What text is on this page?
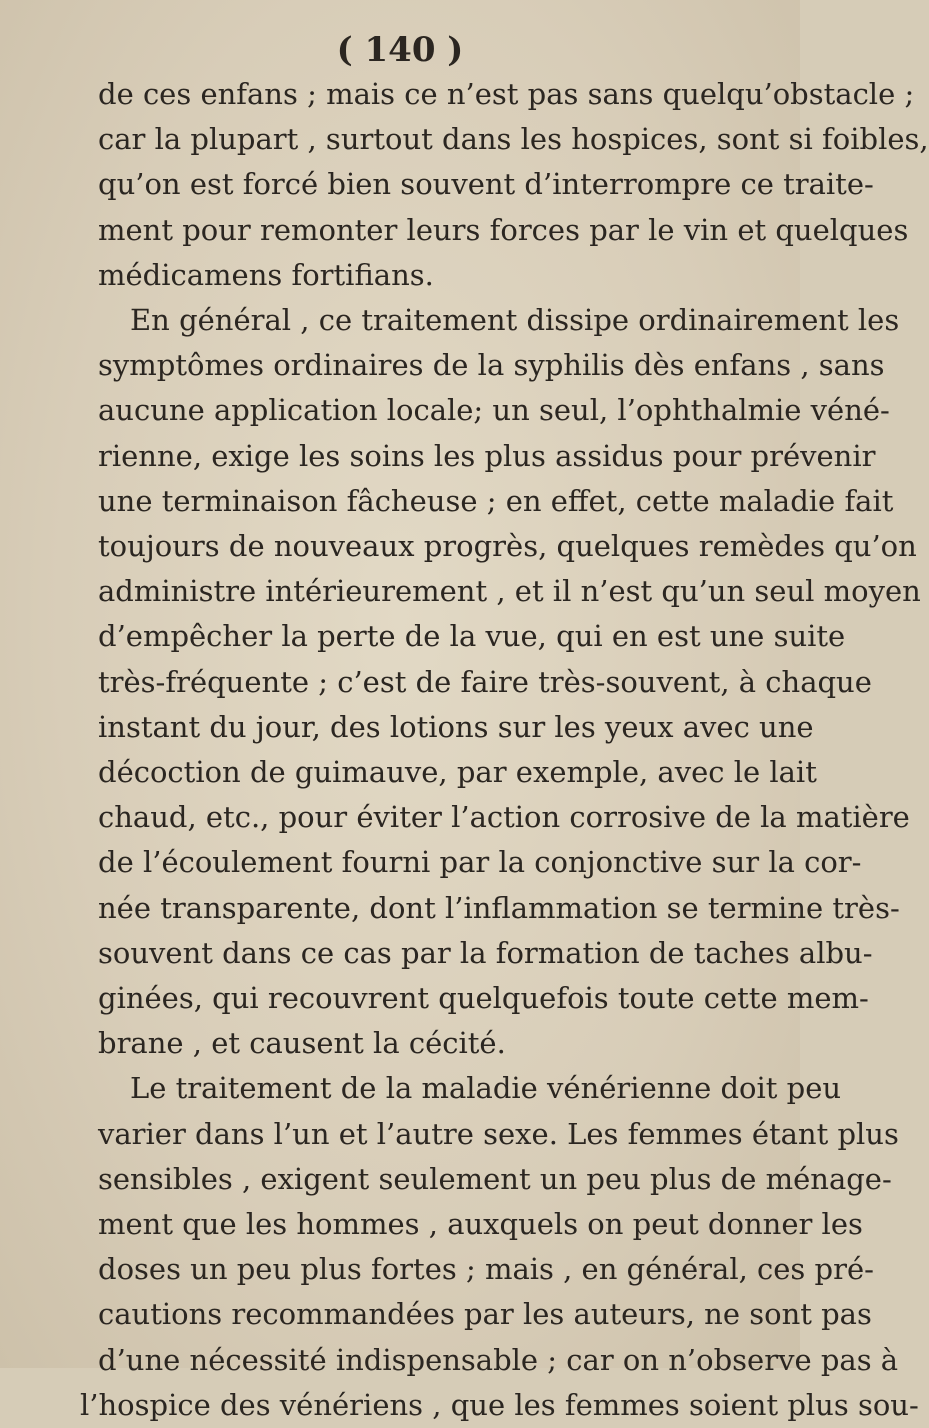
( 140 )
de ces enfans ; mais ce n’est pas sans quelqu’obstacle ;
car la plupart , surtout dans les hospices, sont si foibles,
qu’on est forcé bien souvent d’interrompre ce traite-
ment pour remonter leurs forces par le vin et quelques
médicamens fortifians.
En général , ce traitement dissipe ordinairement les
symptômes ordinaires de la syphilis dès enfans , sans
aucune application locale; un seul, l’ophthalmie véné-
rienne, exige les soins les plus assidus pour prévenir
une terminaison fâcheuse ; en effet, cette maladie fait
toujours de nouveaux progrès, quelques remèdes qu’on
administre intérieurement , et il n’est qu’un seul moyen
d’empêcher la perte de la vue, qui en est une suite
très-fréquente ; c’est de faire très-souvent, à chaque
instant du jour, des lotions sur les yeux avec une
décoction de guimauve, par exemple, avec le lait
chaud, etc., pour éviter l’action corrosive de la matière
de l’écoulement fourni par la conjonctive sur la cor-
née transparente, dont l’inflammation se termine très-
souvent dans ce cas par la formation de taches albu-
ginées, qui recouvrent quelquefois toute cette mem-
brane , et causent la cécité.
Le traitement de la maladie vénérienne doit peu
varier dans l’un et l’autre sexe. Les femmes étant plus
sensibles , exigent seulement un peu plus de ménage-
ment que les hommes , auxquels on peut donner les
doses un peu plus fortes ; mais , en général, ces pré-
cautions recommandées par les auteurs, ne sont pas
d’une nécessité indispensable ; car on n’observe pas à
l’hospice des vénériens , que les femmes soient plus sou-
